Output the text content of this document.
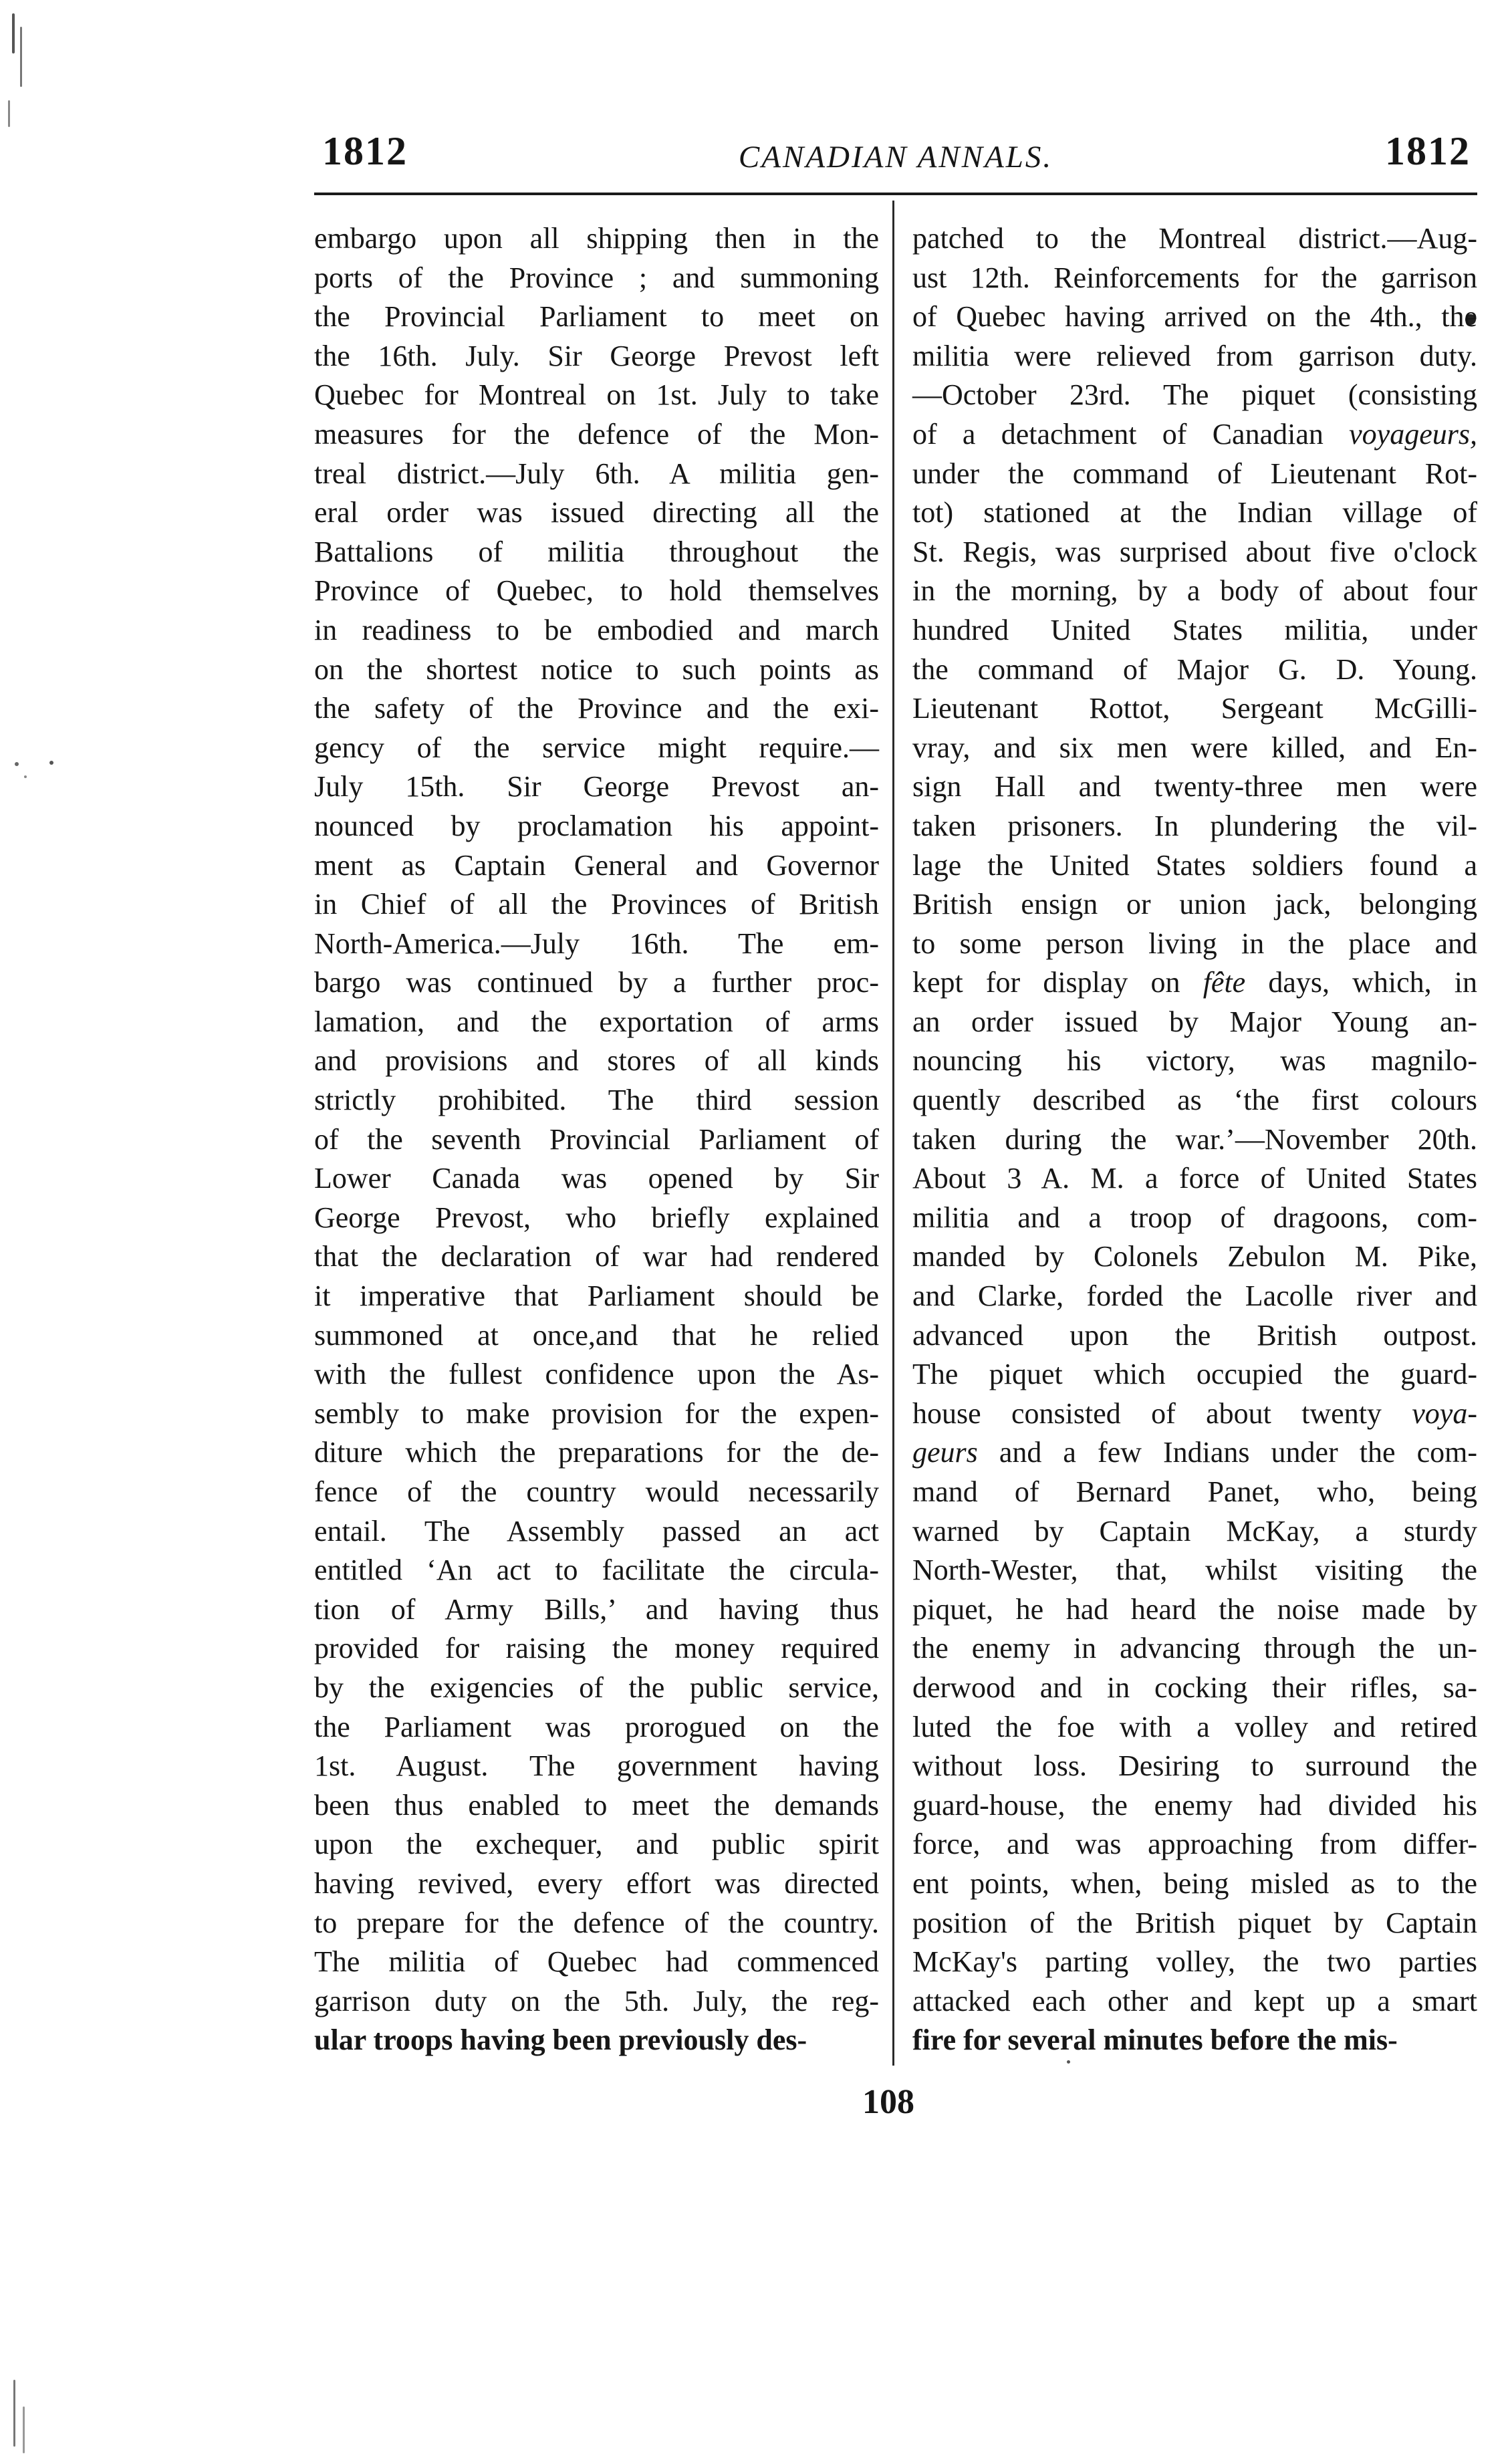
1812	CANADIAN ANNALS.	1812
embargo upon all shipping then in the
ports of the Province ; and summoning
the Provincial Parliament to meet on
the 16th. July. Sir George Prevost left
Quebec for Montreal on 1st. July to take
measures for the defence of the Mon-
treal district.—July 6th. A militia gen-
eral order was issued directing all the
Battalions of militia throughout the
Province of Quebec, to hold themselves
in readiness to be embodied and march
on the shortest notice to such points as
the safety of the Province and the exi-
gency of the service might require.—
July 15th. Sir George Prevost an-
nounced by proclamation his appoint-
ment as Captain General and Governor
in Chief of all the Provinces of British
North-America.—July 16th. The em-
bargo was continued by a further proc-
lamation, and the exportation of arms
and provisions and stores of all kinds
strictly prohibited. The third session
of the seventh Provincial Parliament of
Lower Canada was opened by Sir
George Prevost, who briefly explained
that the declaration of war had rendered
it imperative that Parliament should be
summoned at once,and that he relied
with the fullest confidence upon the As-
sembly to make provision for the expen-
diture which the preparations for the de-
fence of the country would necessarily
entail. The Assembly passed an act
entitled ‘An act to facilitate the circula-
tion of Army Bills,’ and having thus
provided for raising the money required
by the exigencies of the public service,
the Parliament was prorogued on the
1st. August. The government having
been thus enabled to meet the demands
upon the exchequer, and public spirit
having revived, every effort was directed
to prepare for the defence of the country.
The militia of Quebec had commenced
garrison duty on the 5th. July, the reg-
ular troops having been previously des-
patched to the Montreal district.—Aug-
ust 12th. Reinforcements for the garrison
of Quebec having arrived on the 4th., the
militia were relieved from garrison duty.
—October 23rd. The piquet (consisting
of a detachment of Canadian voyageurs,
under the command of Lieutenant Rot-
tot) stationed at the Indian village of
St. Regis, was surprised about five o'clock
in the morning, by a body of about four
hundred United States militia, under
the command of Major G. D. Young.
Lieutenant Rottot, Sergeant McGilli-
vray, and six men were killed, and En-
sign Hall and twenty-three men were
taken prisoners. In plundering the vil-
lage the United States soldiers found a
British ensign or union jack, belonging
to some person living in the place and
kept for display on fête days, which, in
an order issued by Major Young an-
nouncing his victory, was magnilo-
quently described as ‘the first colours
taken during the war.’—November 20th.
About 3 A. M. a force of United States
militia and a troop of dragoons, com-
manded by Colonels Zebulon M. Pike,
and Clarke, forded the Lacolle river and
advanced upon the British outpost.
The piquet which occupied the guard-
house consisted of about twenty voya-
geurs and a few Indians under the com-
mand of Bernard Panet, who, being
warned by Captain McKay, a sturdy
North-Wester, that, whilst visiting the
piquet, he had heard the noise made by
the enemy in advancing through the un-
derwood and in cocking their rifles, sa-
luted the foe with a volley and retired
without loss. Desiring to surround the
guard-house, the enemy had divided his
force, and was approaching from differ-
ent points, when, being misled as to the
position of the British piquet by Captain
McKay's parting volley, the two parties
attacked each other and kept up a smart
fire for several minutes before the mis-
108
